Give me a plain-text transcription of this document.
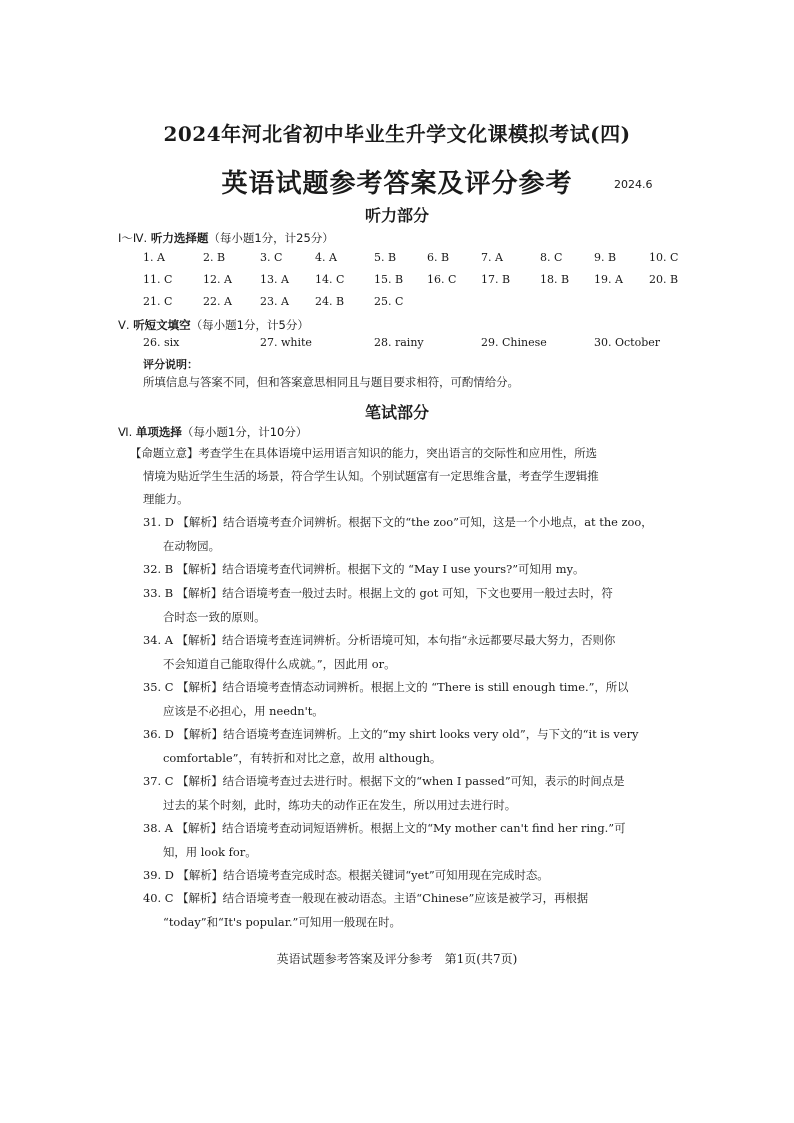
2024年河北省初中毕业生升学文化课模拟考试(四)
英语试题参考答案及评分参考	2024.6
听力部分
Ⅰ～Ⅳ. 听力选择题（每小题1分，计25分）
1. A	2. B	3. C	4. A	5. B	6. B	7. A	8. C	9. B	10. C
11. C	12. A	13. A 14. C	15. B 16. C 17. B	18. B 19. A 20. B
21. C	22. A	23. A 24. B	25. C
Ⅴ. 听短文填空（每小题1分，计5分）
26. six	27. white	28. rainy	29. Chinese	30. October
评分说明：
所填信息与答案不同，但和答案意思相同且与题目要求相符，可酌情给分。
笔试部分
Ⅵ. 单项选择（每小题1分，计10分）
【命题立意】考查学生在具体语境中运用语言知识的能力，突出语言的交际性和应用性，所选
情境为贴近学生生活的场景，符合学生认知。个别试题富有一定思维含量，考查学生逻辑推
理能力。
31. D 【解析】结合语境考查介词辨析。根据下文的“the zoo”可知，这是一个小地点，at the zoo，
在动物园。
32. B 【解析】结合语境考查代词辨析。根据下文的 “May I use yours?”可知用 my。
33. B 【解析】结合语境考查一般过去时。根据上文的 got 可知，下文也要用一般过去时，符
合时态一致的原则。
34. A 【解析】结合语境考查连词辨析。分析语境可知，本句指“永远都要尽最大努力，否则你
不会知道自己能取得什么成就。”，因此用 or。
35. C 【解析】结合语境考查情态动词辨析。根据上文的 “There is still enough time.”，所以
应该是不必担心，用 needn't。
36. D 【解析】结合语境考查连词辨析。上文的“my shirt looks very old”，与下文的“it is very
comfortable”，有转折和对比之意，故用 although。
37. C 【解析】结合语境考查过去进行时。根据下文的“when I passed”可知，表示的时间点是
过去的某个时刻，此时，练功夫的动作正在发生，所以用过去进行时。
38. A 【解析】结合语境考查动词短语辨析。根据上文的“My mother can't find her ring.”可
知，用 look for。
39. D 【解析】结合语境考查完成时态。根据关键词“yet”可知用现在完成时态。
40. C 【解析】结合语境考查一般现在被动语态。主语“Chinese”应该是被学习，再根据
“today”和“It's popular.”可知用一般现在时。
英语试题参考答案及评分参考　第1页(共7页)
